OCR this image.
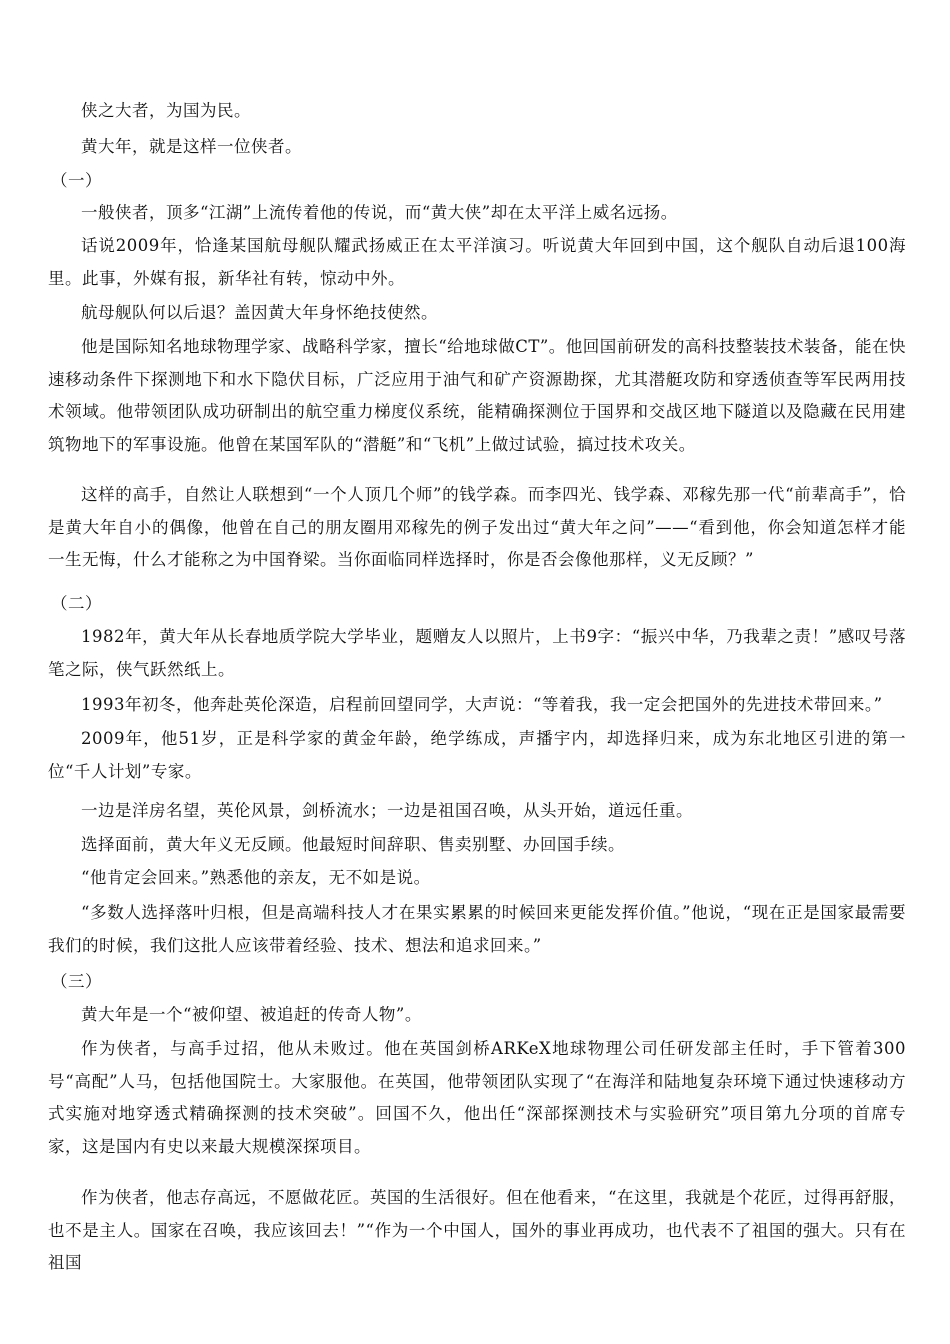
侠之大者，为国为民。

黄大年，就是这样一位侠者。

（一）

一般侠者，顶多“江湖”上流传着他的传说，而“黄大侠”却在太平洋上威名远扬。

话说2009年，恰逢某国航母舰队耀武扬威正在太平洋演习。听说黄大年回到中国，这个舰队自动后退100海里。此事，外媒有报，新华社有转，惊动中外。

航母舰队何以后退？盖因黄大年身怀绝技使然。

他是国际知名地球物理学家、战略科学家，擅长“给地球做CT”。他回国前研发的高科技整装技术装备，能在快速移动条件下探测地下和水下隐伏目标，广泛应用于油气和矿产资源勘探，尤其潜艇攻防和穿透侦查等军民两用技术领域。他带领团队成功研制出的航空重力梯度仪系统，能精确探测位于国界和交战区地下隧道以及隐藏在民用建筑物地下的军事设施。他曾在某国军队的“潜艇”和“飞机”上做过试验，搞过技术攻关。

这样的高手，自然让人联想到“一个人顶几个师”的钱学森。而李四光、钱学森、邓稼先那一代“前辈高手”，恰是黄大年自小的偶像，他曾在自己的朋友圈用邓稼先的例子发出过“黄大年之问”——“看到他，你会知道怎样才能一生无悔，什么才能称之为中国脊梁。当你面临同样选择时，你是否会像他那样，义无反顾？”

（二）

1982年，黄大年从长春地质学院大学毕业，题赠友人以照片，上书9字：“振兴中华，乃我辈之责！”感叹号落笔之际，侠气跃然纸上。

1993年初冬，他奔赴英伦深造，启程前回望同学，大声说：“等着我，我一定会把国外的先进技术带回来。”

2009年，他51岁，正是科学家的黄金年龄，绝学练成，声播宇内，却选择归来，成为东北地区引进的第一位“千人计划”专家。

一边是洋房名望，英伦风景，剑桥流水；一边是祖国召唤，从头开始，道远任重。

选择面前，黄大年义无反顾。他最短时间辞职、售卖别墅、办回国手续。

“他肯定会回来。”熟悉他的亲友，无不如是说。

“多数人选择落叶归根，但是高端科技人才在果实累累的时候回来更能发挥价值。”他说，“现在正是国家最需要我们的时候，我们这批人应该带着经验、技术、想法和追求回来。”

（三）

黄大年是一个“被仰望、被追赶的传奇人物”。

作为侠者，与高手过招，他从未败过。他在英国剑桥ARKeX地球物理公司任研发部主任时，手下管着300号“高配”人马，包括他国院士。大家服他。在英国，他带领团队实现了“在海洋和陆地复杂环境下通过快速移动方式实施对地穿透式精确探测的技术突破”。回国不久，他出任“深部探测技术与实验研究”项目第九分项的首席专家，这是国内有史以来最大规模深探项目。

作为侠者，他志存高远，不愿做花匠。英国的生活很好。但在他看来，“在这里，我就是个花匠，过得再舒服，也不是主人。国家在召唤，我应该回去！”“作为一个中国人，国外的事业再成功，也代表不了祖国的强大。只有在祖国
